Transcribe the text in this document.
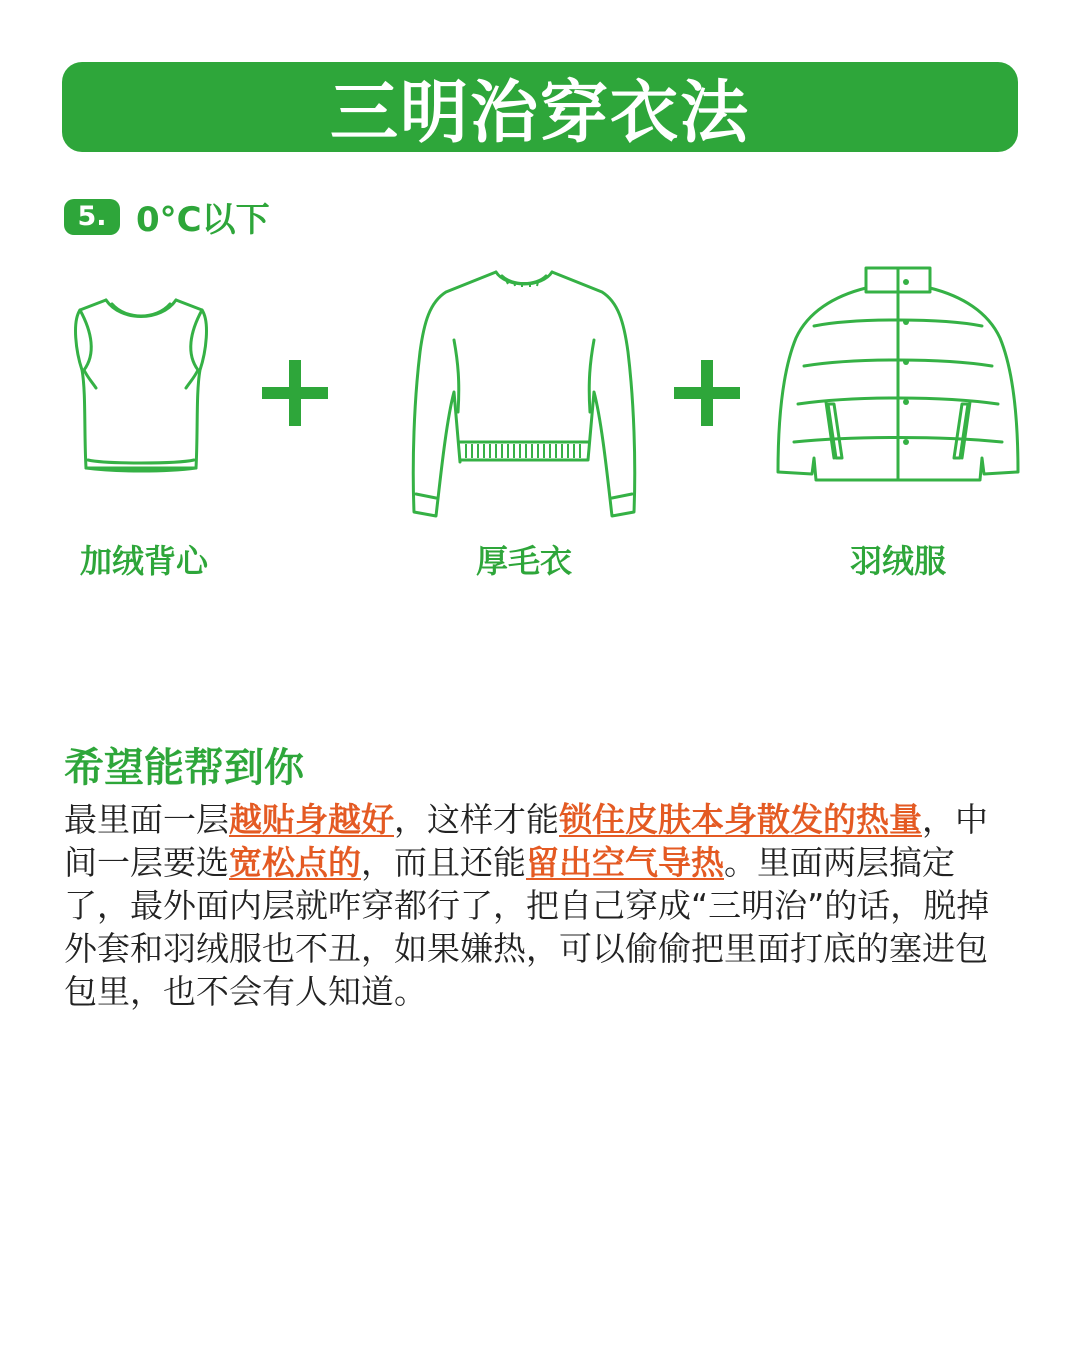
三明治穿衣法
5. 0°C以下
加绒背心	厚毛衣	羽绒服
希望能帮到你
最里面一层越贴身越好，这样才能锁住皮肤本身散发的热量，中间一层要选宽松点的，而且还能留出空气导热。里面两层搞定了，最外面内层就咋穿都行了，把自己穿成“三明治”的话，脱掉外套和羽绒服也不丑，如果嫌热，可以偷偷把里面打底的塞进包包里，也不会有人知道。
